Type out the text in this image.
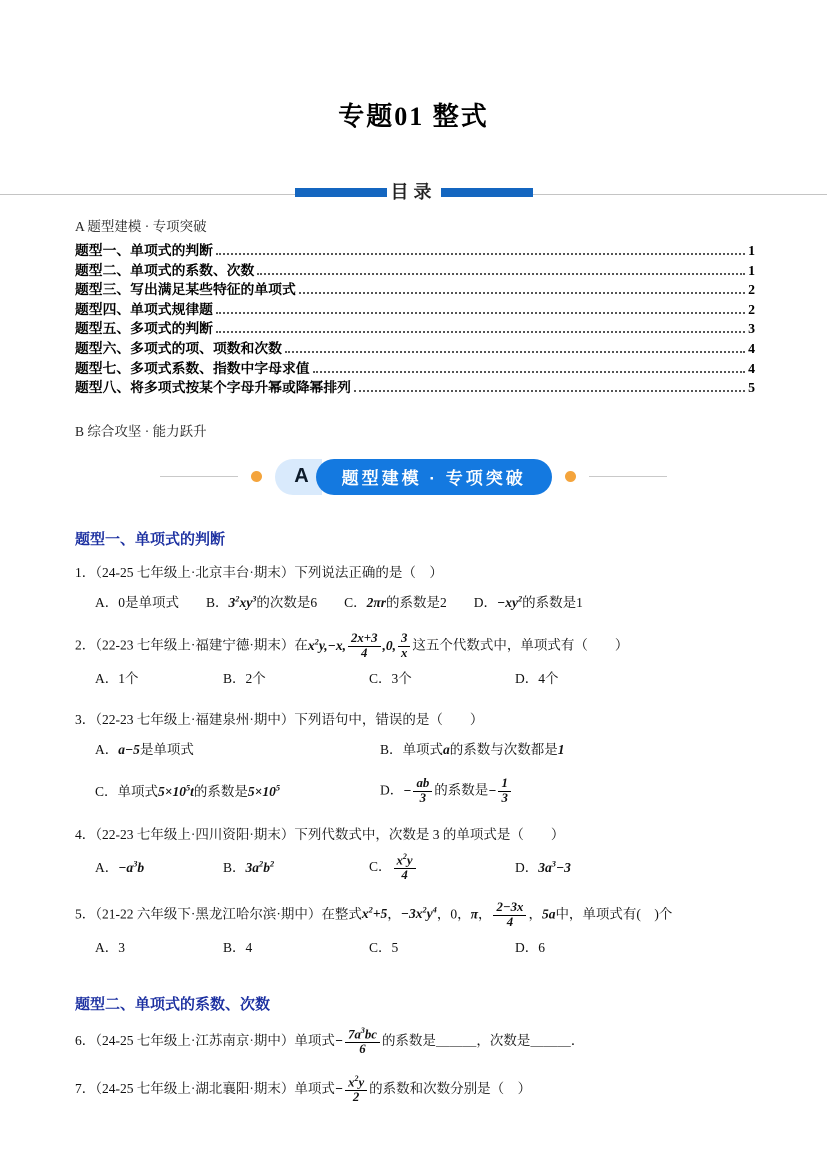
专题01 整式
目录
A 题型建模 · 专项突破
题型一、单项式的判断	1
题型二、单项式的系数、次数	1
题型三、写出满足某些特征的单项式	2
题型四、单项式规律题	2
题型五、多项式的判断	3
题型六、多项式的项、项数和次数	4
题型七、多项式系数、指数中字母求值	4
题型八、将多项式按某个字母升幂或降幂排列	5
B 综合攻坚 · 能力跃升
A	题型建模 · 专项突破
题型一、单项式的判断
1．（24-25 七年级上·北京丰台·期末）下列说法正确的是（　）
A．0是单项式 B．$3^2xy^3$的次数是6 C．2πr的系数是2 D．$-xy^2$的系数是1
2．（22-23 七年级上·福建宁德·期末）在$x^2y,-x$, $\frac{2x+3}{4} ,0$, $\frac{3}{x}$ 这五个代数式中，单项式有（　　）
A．1个	B．2个	C．3个	D．4个
3．（22-23 七年级上·福建泉州·期中）下列语句中，错误的是（　　）
A．a−5是单项式	B．单项式a的系数与次数都是1
C．单项式$5\times 10^5t$的系数是$5\times 10^5$	D．− $\frac{ab}{3}$ 的系数是− $\frac{1}{3}$
4．（22-23 七年级上·四川资阳·期末）下列代数式中，次数是 3 的单项式是（　　）
A．$-a^3b$	B．$3a^2b^2$	C． $\frac{x^2y}{4}$	D．$3a^3-3$
5．（21-22 六年级下·黑龙江哈尔滨·期中）在整式$x^2+5$，$-3x^2y^4$，0，π， $\frac{2-3x}{4}$ ，5a中，单项式有(　)个
A．3	B．4	C．5	D．6
题型二、单项式的系数、次数
6．（24-25 七年级上·江苏南京·期中）单项式− $\frac{7a^3bc}{6}$ 的系数是＿＿＿，次数是＿＿＿．
7．（24-25 七年级上·湖北襄阳·期末）单项式− $\frac{x^2y}{2}$ 的系数和次数分别是（　）
